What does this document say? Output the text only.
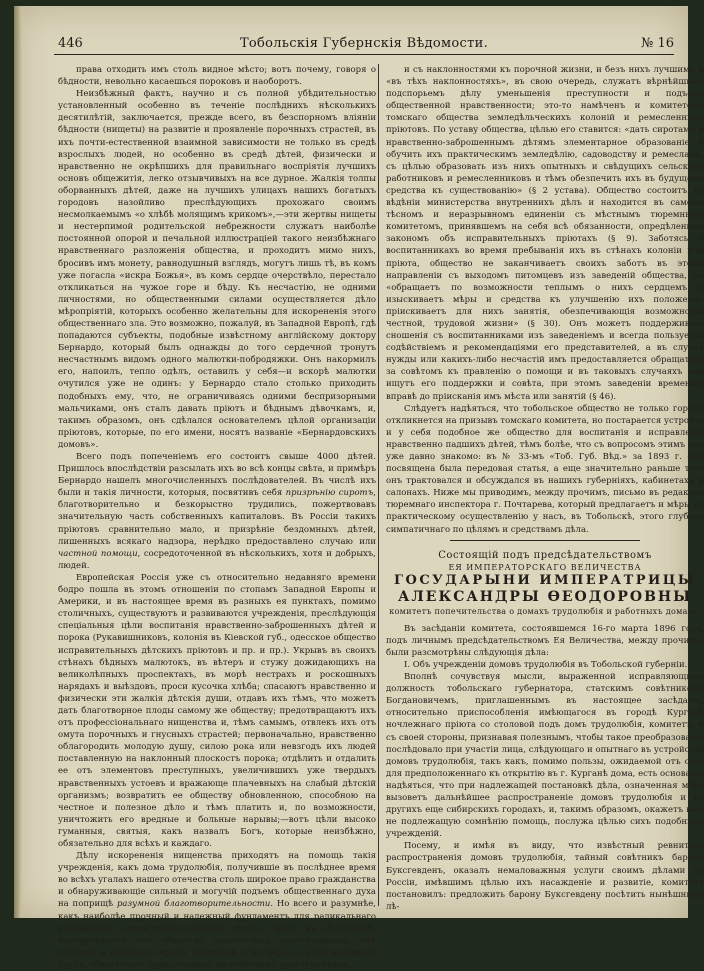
446	Тобольскія Губернскія Вѣдомости.	№ 16

права отходить имъ столь видное мѣсто; вотъ почему, говоря о бѣдности, невольно касаешься пороковъ и наоборотъ.

Неизбѣжный фактъ, научно и съ полной убѣдительностью установленный особенно въ теченіе послѣднихъ нѣсколькихъ десятилѣтій, заключается, прежде всего, въ безспорномъ вліяніи бѣдности (нищеты) на развитіе и проявленіе порочныхъ страстей, въ ихъ почти-естественной взаимной зависимости не только въ средѣ взрослыхъ людей, но особенно въ средѣ дѣтей, физически и нравственно не окрѣпшихъ для правильнаго воспріятія лучшихъ основъ общежитія, легко отзывчивыхъ на все дурное. Жалкія толпы оборванныхъ дѣтей, даже на лучшихъ улицахъ нашихъ богатыхъ городовъ назойливо преслѣдующихъ прохожаго своимъ несмолкаемымъ «о хлѣбѣ молящимъ крикомъ»,—эти жертвы нищеты и нестерпимой родительской небрежности служатъ наиболѣе постоянной опорой и печальной иллюстраціей такого неизбѣжнаго нравственнаго разложенія общества, и проходитъ мимо нихъ, бросивъ имъ монету, равнодушный взглядъ, могутъ лишь тѣ, въ комъ уже погасла «искра Божья», въ комъ сердце очерствѣло, перестало откликаться на чужое горе и бѣду. Къ несчастію, не одними личностями, но общественными силами осуществляется дѣло мѣропріятій, которыхъ особенно желательны для искорененія этого общественнаго зла. Это возможно, пожалуй, въ Западной Европѣ, гдѣ попадаются субъекты, подобные извѣстному англійскому доктору Бернардо, который былъ однажды до того сердечной тронутъ несчастнымъ видомъ одного малютки-побродяжки. Онъ накормилъ его, напоилъ, тепло одѣлъ, оставилъ у себя—и вскорѣ малютки очутился уже не одинъ: у Бернардо стало столько приходить подобныхъ ему, что, не ограничиваясь одними беспризорными мальчиками, онъ сталъ давать пріютъ и бѣднымъ дѣвочкамъ, и, такимъ образомъ, онъ сдѣлался основателемъ цѣлой организаціи пріютовъ, которые, по его имени, носятъ названіе «Бернардовскихъ домовъ».

Всего подъ попеченіемъ его состоитъ свыше 4000 дѣтей. Пришлось впослѣдствіи разсылать ихъ во всѣ концы свѣта, и примѣръ Бернардо нашелъ многочисленныхъ послѣдователей. Въ числѣ ихъ были и такія личности, которыя, посвятивъ себя призрѣнію сиротъ, благотворительно и безкорыстно трудились, пожертвовавъ значительную часть собственныхъ капиталовъ. Въ Россіи такихъ пріютовъ сравнительно мало, и призрѣніе бездомныхъ дѣтей, лишенныхъ всякаго надзора, нерѣдко предоставлено случаю или частной помощи, сосредоточенной въ нѣсколькихъ, хотя и добрыхъ, людей.

Европейская Россія уже съ относительно недавняго времени бодро пошла въ этомъ отношеніи по стопамъ Западной Европы и Америки, и въ настоящее время въ разныхъ ея пунктахъ, помимо столичныхъ, существуютъ и развиваются учрежденія, преслѣдующія спеціальныя цѣли воспитанія нравственно-заброшенныхъ дѣтей и порока (Рукавишниковъ, колонія въ Кіевской губ., одесское общество исправительныхъ дѣтскихъ пріютовъ и пр. и пр.). Укрывъ въ своихъ стѣнахъ бѣдныхъ малютокъ, въ вѣтеръ и стужу дожидающихъ на великолѣпныхъ проспектахъ, въ морѣ нестрахъ и роскошныхъ нарядахъ и выѣздовъ, проси кусочка хлѣба; спасаютъ нравственно и физически эти жалкія дѣтскія души, отдавъ ихъ тѣмъ, что можетъ дать благотворное плоды самому же обществу; предотвращаютъ ихъ отъ профессіональнаго нищенства и, тѣмъ самымъ, отвлекъ ихъ отъ омута порочныхъ и гнусныхъ страстей; первоначально, нравственно облагородить молодую душу, силою рока или невзгодъ ихъ людей поставленную на наклонный плоскостъ порока; отдѣлить и отдалить ее отъ элементовъ преступныхъ, увеличившихъ уже твердыхъ нравственныхъ устоевъ и вражающе плачевныхъ на слабый дѣтскій организмъ; возвратить ее обществу обновленною, способною на честное и полезное дѣло и тѣмъ платить и, по возможности, уничтожить его вредные и больные нарывы;—вотъ цѣли высоко гуманныя, святыя, какъ назвалъ Богъ, которые неизбѣжно, обязательно для всѣхъ и каждаго.

Дѣлу искорененія нищенства приходятъ на помощь такія учрежденія, какъ дома трудолюбія, получившіе въ послѣднее время во всѣхъ угалахъ нашего отечества столь широкое право гражданства и обнаруживающіе сильный и могучій подъемъ общественнаго духа на поприщѣ разумной благотворительности. Но всего и разумнѣе, какъ наиболѣе прочный и надежный фундаментъ для радикальнаго исправленія «нравственно-падшихъ дѣтей», трудъ въ обстановкѣ, изолированной отъ общества закоснѣлыхъ преступниковъ, отъ душнаго и вреднаго смрада тюремной атмосферы,—такой разумный трудъ, обязательно предлагаемый малолѣтнимъ преступникамъ.

и съ наклонностями къ порочной жизни, и безъ нихъ лучшимъ и «въ тѣхъ наклонностяхъ», въ свою очередь, служатъ вѣрнѣйшимъ подспорьемъ дѣлу уменьшенія преступности и подъема общественной нравственности; это-то намѣченъ и комитетомъ томскаго общества земледѣльческихъ колоній и ремесленныхъ пріютовъ. По уставу общества, цѣлью его ставится: «дать сиротамъ и нравственно-заброшеннымъ дѣтямъ элементарное образованіе и обучить ихъ практическимъ земледѣлію, садоводству и ремесламъ, съ цѣлью образовать изъ нихъ опытныхъ и свѣдущихъ сельскихъ работниковъ и ремесленниковъ и тѣмъ обезпечить ихъ въ будущемъ средства къ существованію» (§ 2 устава). Общество состоитъ въ вѣдѣніи министерства внутреннихъ дѣлъ и находится въ самомъ тѣсномъ и неразрывномъ единеніи съ мѣстнымъ тюремнымъ комитетомъ, принявшемъ на себя всѣ обязанности, опредѣленные закономъ объ исправительныхъ пріютахъ (§ 9). Заботясь о воспитанникахъ во время пребыванія ихъ въ стѣнахъ колоніи или пріюта, общество не заканчиваетъ своихъ заботъ въ этомъ направленіи съ выходомъ питомцевъ изъ заведеній общества, но «обращаетъ по возможности теплымъ о нихъ сердцемъ и изыскиваетъ мѣры и средства къ улучшенію ихъ положенія, пріискиваетъ для нихъ занятія, обезпечивающія возможность честной, трудовой жизни» (§ 30). Онъ можетъ поддерживать сношенія съ воспитанниками изъ заведеніемъ и всегда пользуется содѣйствіемъ и рекомендаціями его представителей, а въ случаѣ нужды или какихъ-либо несчастій имъ предоставляется обращаться за совѣтомъ къ правленію о помощи и въ таковыхъ случаяхъ они ищутъ его поддержки и совѣта, при этомъ заведеніи временно, вправѣ до пріисканія имъ мѣста или занятій (§ 46).

Слѣдуетъ надѣяться, что тобольское общество не только горячо откликнется на призывъ томскаго комитета, но постарается устроить и у себя подобное же общество для воспитанія и исправленія нравственно падшихъ дѣтей, тѣмъ болѣе, что съ вопросомъ этимъ оно уже давно знакомо: въ № 33-мъ «Тоб. Губ. Вѣд.» за 1893 г. ему посвящена была передовая статья, а еще значительно раньше того онъ трактовался и обсуждался въ нашихъ губерніяхъ, кабинетахъ и салонахъ. Ниже мы приводимъ, между прочимъ, письмо въ редакцію тюремнаго инспектора г. Почтарева, который предлагаетъ и мѣры въ практическому осуществленію у насъ, въ Тобольскѣ, этого глубоко симпатичнаго по цѣлямъ и средствамъ дѣла.

Состоящій подъ предсѣдательствомъ
ЕЯ ИМПЕРАТОРСКАГО ВЕЛИЧЕСТВА
ГОСУДАРЫНИ ИМПЕРАТРИЦЫ
АЛЕКСАНДРЫ ӨЕОДОРОВНЫ
комитетъ попечительства о домахъ трудолюбія и работныхъ домахъ.

Въ засѣданіи комитета, состоявшемся 16-го марта 1896 года, подъ личнымъ предсѣдательствомъ Ея Величества, между прочимъ, были разсмотрѣны слѣдующія дѣла:

I. Объ учрежденіи домовъ трудолюбія въ Тобольской губерніи.

Вполнѣ сочувствуя мысли, выраженной исправляющимъ должность тобольскаго губернатора, статскимъ совѣтникомъ Богдановичемъ, приглашеннымъ въ настоящее засѣданіе, относительно приспособленія имѣющагося въ городѣ Курганѣ ночлежнаго пріюта со столовой подъ домъ трудолюбія, комитетъ, и съ своей стороны, признавая полезнымъ, чтобы такое преобразованіе послѣдовало при участіи лица, слѣдующаго и опытнаго въ устройствѣ домовъ трудолюбія, такъ какъ, помимо пользы, ожидаемой отъ сего для предположеннаго къ открытію въ г. Курганѣ дома, есть основаніе надѣяться, что при надлежащей постановкѣ дѣла, означенная мѣра вызоветъ дальнѣйшее распространеніе домовъ трудолюбія и въ другихъ еще сибирскихъ городахъ, и, такимъ образомъ, окажетъ имъ не подлежащую сомнѣнію помощь, послужа цѣлью сихъ подобныхъ учрежденій.

Посему, и имѣя въ виду, что извѣстный ревнитель распространенія домовъ трудолюбія, тайный совѣтникъ баронъ Буксгевденъ, оказалъ немаловажныя услуги своимъ дѣлами по Россіи, имѣвшимъ цѣлью ихъ насажденіе и развитіе, комитетъ постановилъ: предложить барону Буксгевдену посѣтить нынѣшнимъ лѣ-
